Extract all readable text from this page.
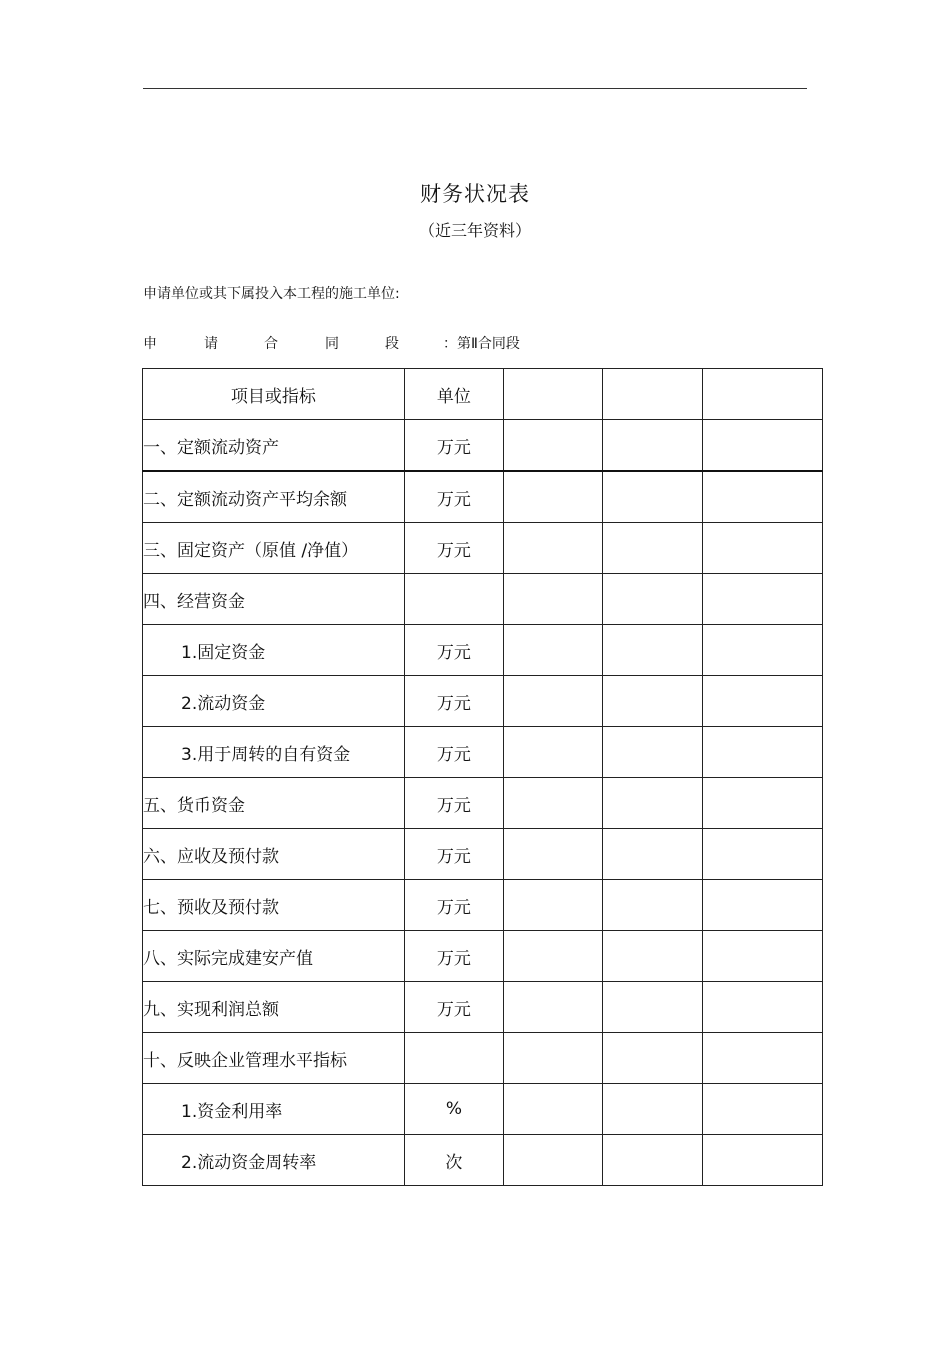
财务状况表
（近三年资料）
申请单位或其下属投入本工程的施工单位:
申	请	合	同	段	：第Ⅱ合同段
项目或指标	单位			
一、定额流动资产	万元			
二、定额流动资产平均余额	万元			
三、固定资产（原值 /净值）	万元			
四、经营资金				
1.固定资金	万元			
2.流动资金	万元			
3.用于周转的自有资金	万元			
五、货币资金	万元			
六、应收及预付款	万元			
七、预收及预付款	万元			
八、实际完成建安产值	万元			
九、实现利润总额	万元			
十、反映企业管理水平指标				
1.资金利用率	%			
2.流动资金周转率	次			
